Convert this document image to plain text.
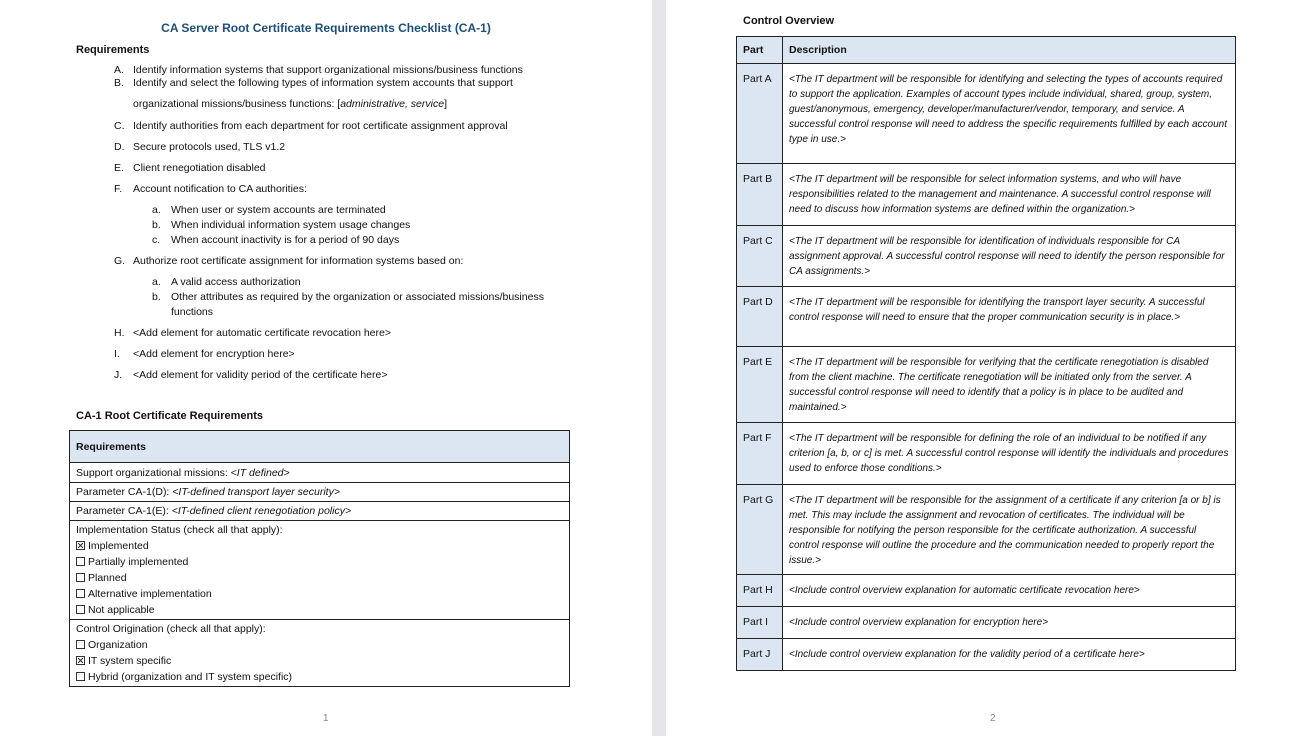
CA Server Root Certificate Requirements Checklist (CA-1)
Requirements
CA-1 Root Certificate Requirements
Requirements
Support organizational missions: <IT defined>
Parameter CA-1(D): <IT-defined transport layer security>
Parameter CA-1(E): <IT-defined client renegotiation policy>

Implementation Status (check all that apply):
Implemented
Partially implemented
Planned
Alternative implementation
Not applicable

Control Origination (check all that apply):
Organization
IT system specific
Hybrid (organization and IT system specific)
1
A. Identify information systems that support organizational missions/business functions
B. Identify and select the following types of information system accounts that support
organizational missions/business functions: [administrative, service]
C. Identify authorities from each department for root certificate assignment approval
D. Secure protocols used, TLS v1.2
E. Client renegotiation disabled
F. Account notification to CA authorities:
G. Authorize root certificate assignment for information systems based on:
H. <Add element for automatic certificate revocation here>
I. <Add element for encryption here>
J. <Add element for validity period of the certificate here>
a. When user or system accounts are terminated
b. When individual information system usage changes
c. When account inactivity is for a period of 90 days
a. A valid access authorization
b. Other attributes as required by the organization or associated missions/business
functions
Control Overview
Part	Description
Part A	<The IT department will be responsible for identifying and selecting the types of accounts required to support the application. Examples of account types include individual, shared, group, system, guest/anonymous, emergency, developer/manufacturer/vendor, temporary, and service. A successful control response will need to address the specific requirements fulfilled by each account type in use.>
Part B	<The IT department will be responsible for select information systems, and who will have responsibilities related to the management and maintenance. A successful control response will need to discuss how information systems are defined within the organization.>
Part C	<The IT department will be responsible for identification of individuals responsible for CA assignment approval. A successful control response will need to identify the person responsible for CA assignments.>
Part D	<The IT department will be responsible for identifying the transport layer security. A successful control response will need to ensure that the proper communication security is in place.>
Part E	<The IT department will be responsible for verifying that the certificate renegotiation is disabled from the client machine. The certificate renegotiation will be initiated only from the server. A successful control response will need to identify that a policy is in place to be audited and maintained.>
Part F	<The IT department will be responsible for defining the role of an individual to be notified if any criterion [a, b, or c] is met. A successful control response will identify the individuals and procedures used to enforce those conditions.>
Part G	<The IT department will be responsible for the assignment of a certificate if any criterion [a or b] is met. This may include the assignment and revocation of certificates. The individual will be responsible for notifying the person responsible for the certificate authorization. A successful control response will outline the procedure and the communication needed to properly report the issue.>
Part H	<Include control overview explanation for automatic certificate revocation here>
Part I	<Include control overview explanation for encryption here>
Part J	<Include control overview explanation for the validity period of a certificate here>
2
